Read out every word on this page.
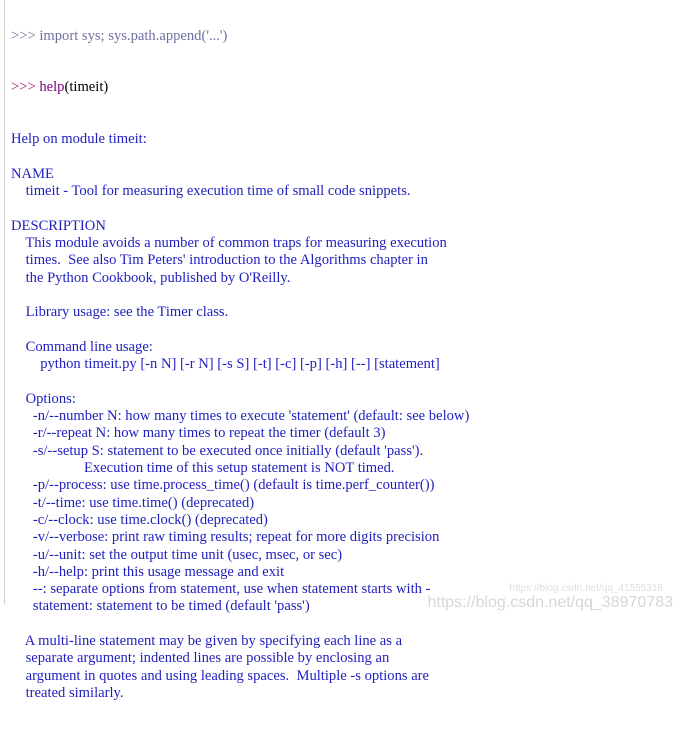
>>> import sys; sys.path.append('...')

>>> help(timeit)

Help on module timeit:
NAME
timeit - Tool for measuring execution time of small code snippets.
DESCRIPTION
This module avoids a number of common traps for measuring execution
times.  See also Tim Peters' introduction to the Algorithms chapter in
the Python Cookbook, published by O'Reilly.
Library usage: see the Timer class.
Command line usage:
python timeit.py [-n N] [-r N] [-s S] [-t] [-c] [-p] [-h] [--] [statement]
Options:
-n/--number N: how many times to execute 'statement' (default: see below)
-r/--repeat N: how many times to repeat the timer (default 3)
-s/--setup S: statement to be executed once initially (default 'pass').
Execution time of this setup statement is NOT timed.
-p/--process: use time.process_time() (default is time.perf_counter())
-t/--time: use time.time() (deprecated)
-c/--clock: use time.clock() (deprecated)
-v/--verbose: print raw timing results; repeat for more digits precision
-u/--unit: set the output time unit (usec, msec, or sec)
-h/--help: print this usage message and exit
--: separate options from statement, use when statement starts with -
statement: statement to be timed (default 'pass')
A multi-line statement may be given by specifying each line as a
separate argument; indented lines are possible by enclosing an
argument in quotes and using leading spaces.  Multiple -s options are
treated similarly.

https://blog.csdn.net/qq_41555318
https://blog.csdn.net/qq_38970783
